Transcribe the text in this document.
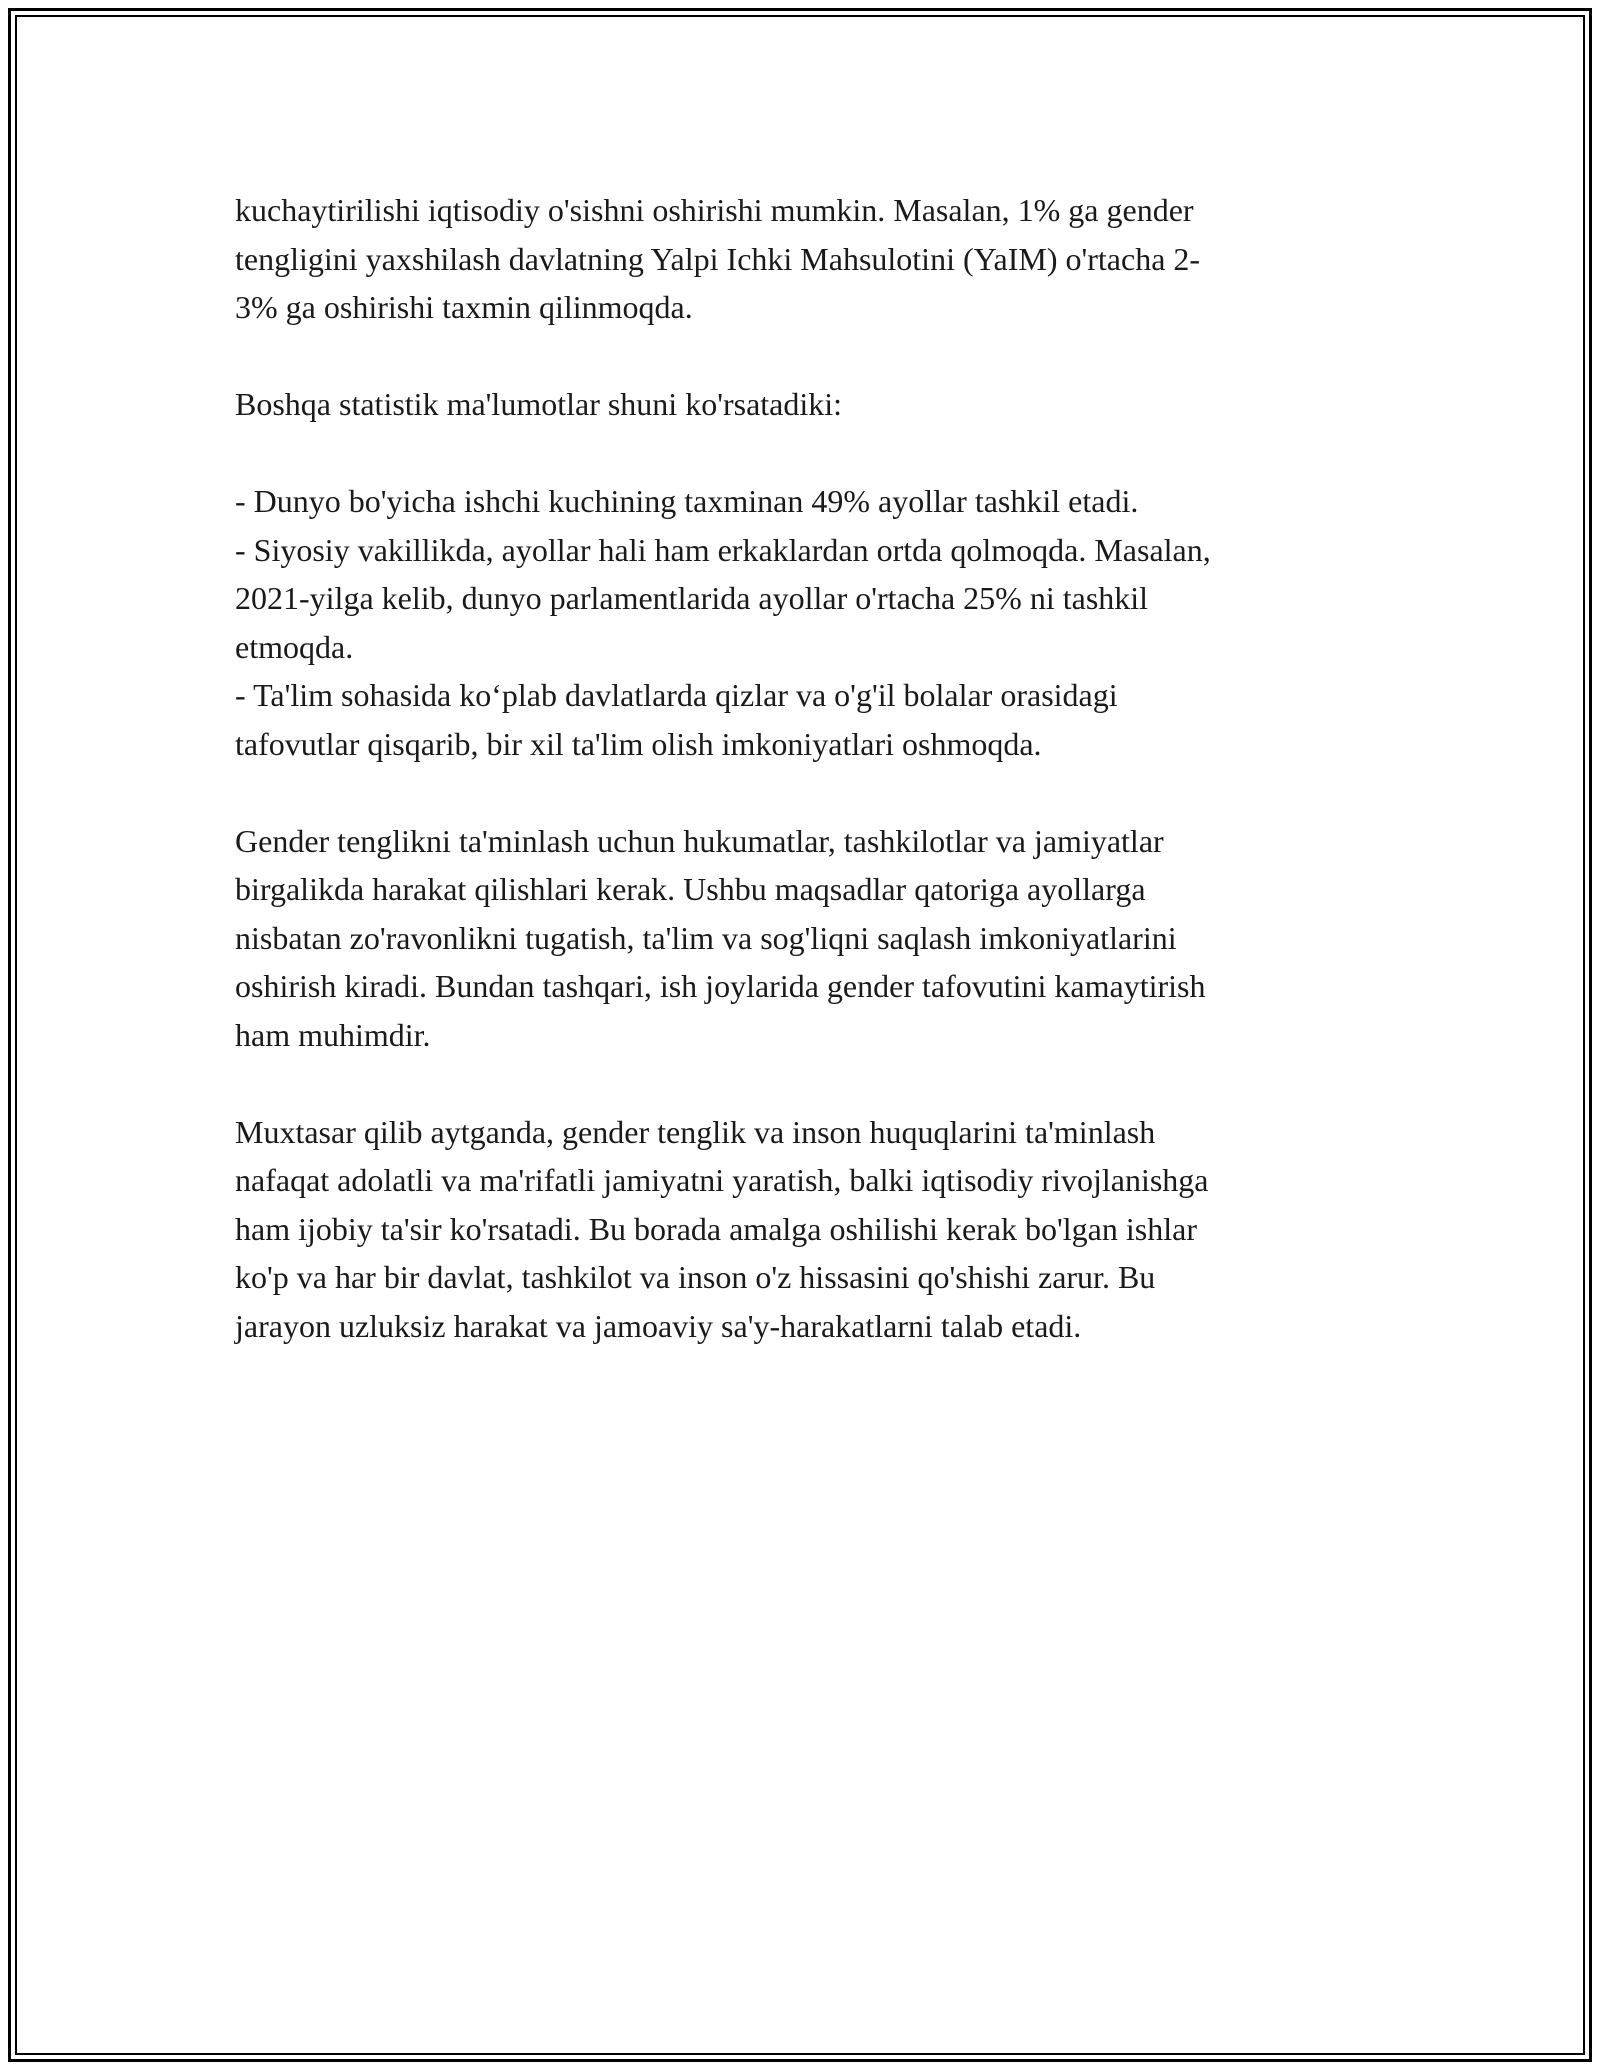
kuchaytirilishi iqtisodiy o'sishni oshirishi mumkin. Masalan, 1% ga gender
tengligini yaxshilash davlatning Yalpi Ichki Mahsulotini (YaIM) o'rtacha 2-
3% ga oshirishi taxmin qilinmoqda.

Boshqa statistik ma'lumotlar shuni ko'rsatadiki:

- Dunyo bo'yicha ishchi kuchining taxminan 49% ayollar tashkil etadi.
- Siyosiy vakillikda, ayollar hali ham erkaklardan ortda qolmoqda. Masalan,
2021-yilga kelib, dunyo parlamentlarida ayollar o'rtacha 25% ni tashkil
etmoqda.
- Ta'lim sohasida ko‘plab davlatlarda qizlar va o'g'il bolalar orasidagi
tafovutlar qisqarib, bir xil ta'lim olish imkoniyatlari oshmoqda.

Gender tenglikni ta'minlash uchun hukumatlar, tashkilotlar va jamiyatlar
birgalikda harakat qilishlari kerak. Ushbu maqsadlar qatoriga ayollarga
nisbatan zo'ravonlikni tugatish, ta'lim va sog'liqni saqlash imkoniyatlarini
oshirish kiradi. Bundan tashqari, ish joylarida gender tafovutini kamaytirish
ham muhimdir.

Muxtasar qilib aytganda, gender tenglik va inson huquqlarini ta'minlash
nafaqat adolatli va ma'rifatli jamiyatni yaratish, balki iqtisodiy rivojlanishga
ham ijobiy ta'sir ko'rsatadi. Bu borada amalga oshilishi kerak bo'lgan ishlar
ko'p va har bir davlat, tashkilot va inson o'z hissasini qo'shishi zarur. Bu
jarayon uzluksiz harakat va jamoaviy sa'y-harakatlarni talab etadi.
